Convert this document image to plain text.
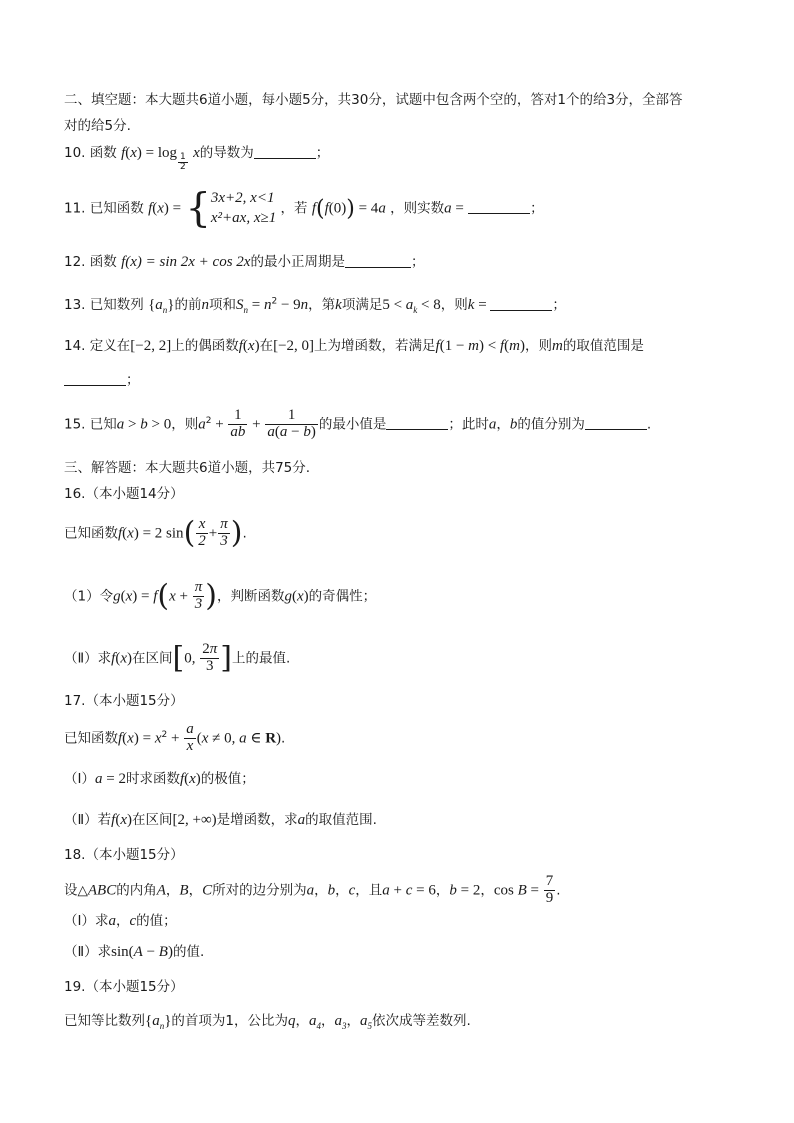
二、填空题：本大题共6道小题，每小题5分，共30分，试题中包含两个空的，答对1个的给3分，全部答
对的给5分.
10. 函数 f(x) = log $_{\frac{1}{2}}$ x的导数为	；
11. 已知函数 f(x) = { 3x+2, x<1
x²+ax, x≥1
，若 f(f(0)) = 4a ，则实数a =	；
12. 函数 f(x) = sin 2x + cos 2x的最小正周期是	；
13. 已知数列 $\{a_n\}$的前n项和$S_n = n^2 - 9n$，第k项满足$5 < a_k < 8$，则k =	；
14. 定义在[−2, 2]上的偶函数f(x)在[−2, 0]上为增函数，若满足f(1 − m) < f(m)，则m的取值范围是
；
15. 已知a > b > 0，则$a^2 + \frac{1}{ab} + \frac{1}{a(a - b)}$ 的最小值是	；此时a，b的值分别为	.
三、解答题：本大题共6道小题，共75分.
16.（本小题14分）
已知函数f(x) = 2 $\sin( \frac{x}{2} + \frac{\pi}{3}$ ).
（1）令$g(x) = f(x + \frac{\pi}{3}$ )，判断函数g(x)的奇偶性；
（Ⅱ）求f(x)在区间[0, $\frac{2\pi}{3}$ ]上的最值.
17.（本小题15分）
已知函数$f(x) = x^2 + \frac{a}{x} (x \ne 0$, a ∈ R).
（Ⅰ）a = 2时求函数f(x)的极值；
（Ⅱ）若f(x)在区间[2, +∞)是增函数，求a的取值范围.
18.（本小题15分）
设△ABC的内角A，B，C所对的边分别为a，b，c，且a + c = 6，b = 2，$\cos B = \frac{7}{9}$ .
（Ⅰ）求a，c的值；
（Ⅱ）求sin(A − B)的值.
19.（本小题15分）
已知等比数列$\{a_n\}$的首项为1，公比为q，$a_4$，$a_3$，$a_5$依次成等差数列.
